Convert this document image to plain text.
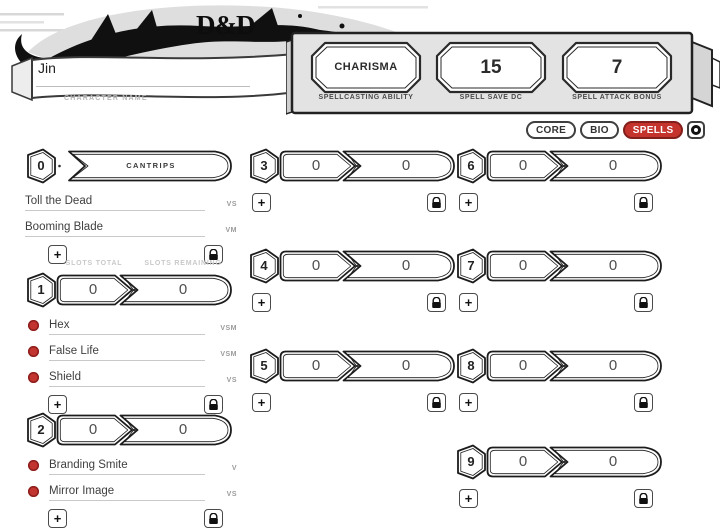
D&D
Jin
CHARACTER NAME
CHARISMA	15	7
SPELLCASTING ABILITY	SPELL SAVE DC	SPELL ATTACK BONUS
CORE	BIO	SPELLS
0	CANTRIPS
Toll the Dead	VS
Booming Blade	VM
+
SLOTS TOTAL	SLOTS REMAINING
1	0	0
Hex	VSM
False Life	VSM
Shield	VS
+
2	0	0
Branding Smite	V
Mirror Image	VS
+
3	0	0
+
4	0	0
+
5	0	0
+
6	0	0
+
7	0	0
+
8	0	0
+
9	0	0
+
